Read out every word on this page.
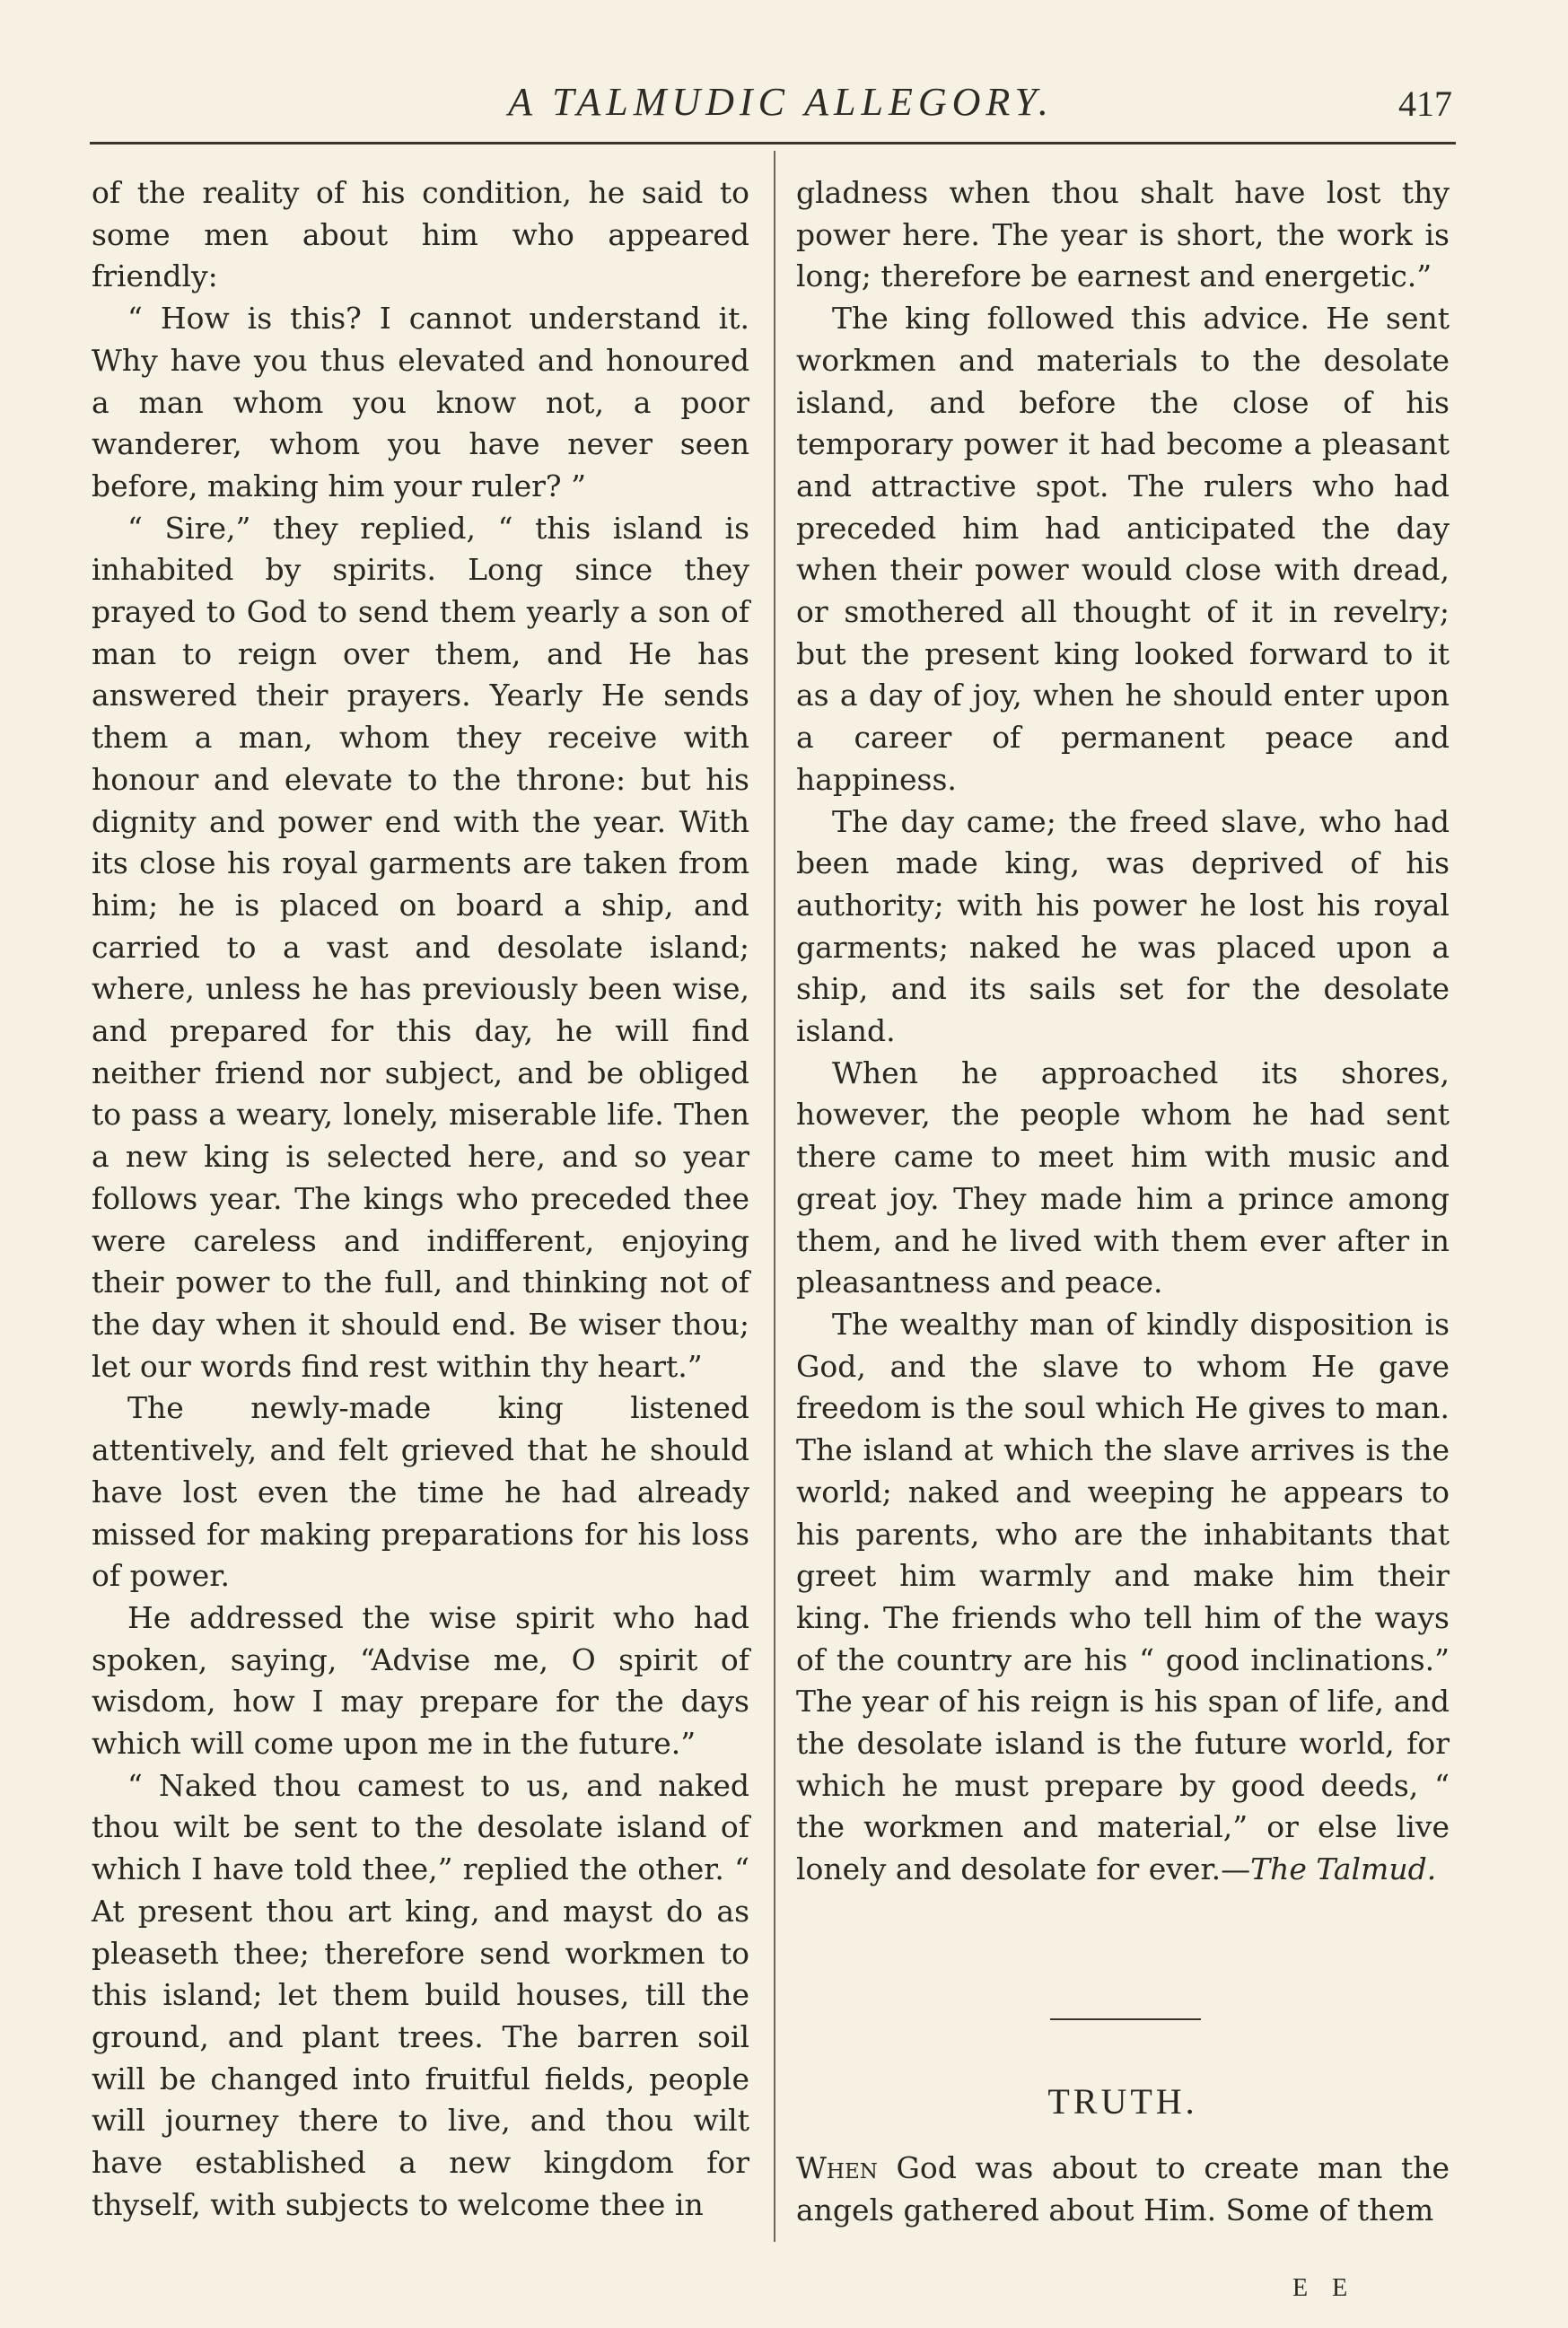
A TALMUDIC ALLEGORY.	417

of the reality of his condition, he said to some men about him who appeared friendly:

“ How is this? I cannot understand it. Why have you thus elevated and honoured a man whom you know not, a poor wanderer, whom you have never seen before, making him your ruler? ”

“ Sire,” they replied, “ this island is inhabited by spirits. Long since they prayed to God to send them yearly a son of man to reign over them, and He has answered their prayers. Yearly He sends them a man, whom they receive with honour and elevate to the throne: but his dignity and power end with the year. With its close his royal garments are taken from him; he is placed on board a ship, and carried to a vast and desolate island; where, unless he has previously been wise, and prepared for this day, he will find neither friend nor subject, and be obliged to pass a weary, lonely, miserable life. Then a new king is selected here, and so year follows year. The kings who preceded thee were careless and indifferent, enjoying their power to the full, and thinking not of the day when it should end. Be wiser thou; let our words find rest within thy heart.”

The newly-made king listened attentively, and felt grieved that he should have lost even the time he had already missed for making preparations for his loss of power.

He addressed the wise spirit who had spoken, saying, “Advise me, O spirit of wisdom, how I may prepare for the days which will come upon me in the future.”

“ Naked thou camest to us, and naked thou wilt be sent to the desolate island of which I have told thee,” replied the other. “ At present thou art king, and mayst do as pleaseth thee; therefore send workmen to this island; let them build houses, till the ground, and plant trees. The barren soil will be changed into fruitful fields, people will journey there to live, and thou wilt have established a new kingdom for thyself, with subjects to welcome thee in

gladness when thou shalt have lost thy power here. The year is short, the work is long; therefore be earnest and energetic.”

The king followed this advice. He sent workmen and materials to the desolate island, and before the close of his temporary power it had become a pleasant and attractive spot. The rulers who had preceded him had anticipated the day when their power would close with dread, or smothered all thought of it in revelry; but the present king looked forward to it as a day of joy, when he should enter upon a career of permanent peace and happiness.

The day came; the freed slave, who had been made king, was deprived of his authority; with his power he lost his royal garments; naked he was placed upon a ship, and its sails set for the desolate island.

When he approached its shores, however, the people whom he had sent there came to meet him with music and great joy. They made him a prince among them, and he lived with them ever after in pleasantness and peace.

The wealthy man of kindly disposition is God, and the slave to whom He gave freedom is the soul which He gives to man. The island at which the slave arrives is the world; naked and weeping he appears to his parents, who are the inhabitants that greet him warmly and make him their king. The friends who tell him of the ways of the country are his “ good inclinations.” The year of his reign is his span of life, and the desolate island is the future world, for which he must prepare by good deeds, “ the workmen and material,” or else live lonely and desolate for ever.—The Talmud.

TRUTH.

When God was about to create man the angels gathered about Him. Some of them

E E
